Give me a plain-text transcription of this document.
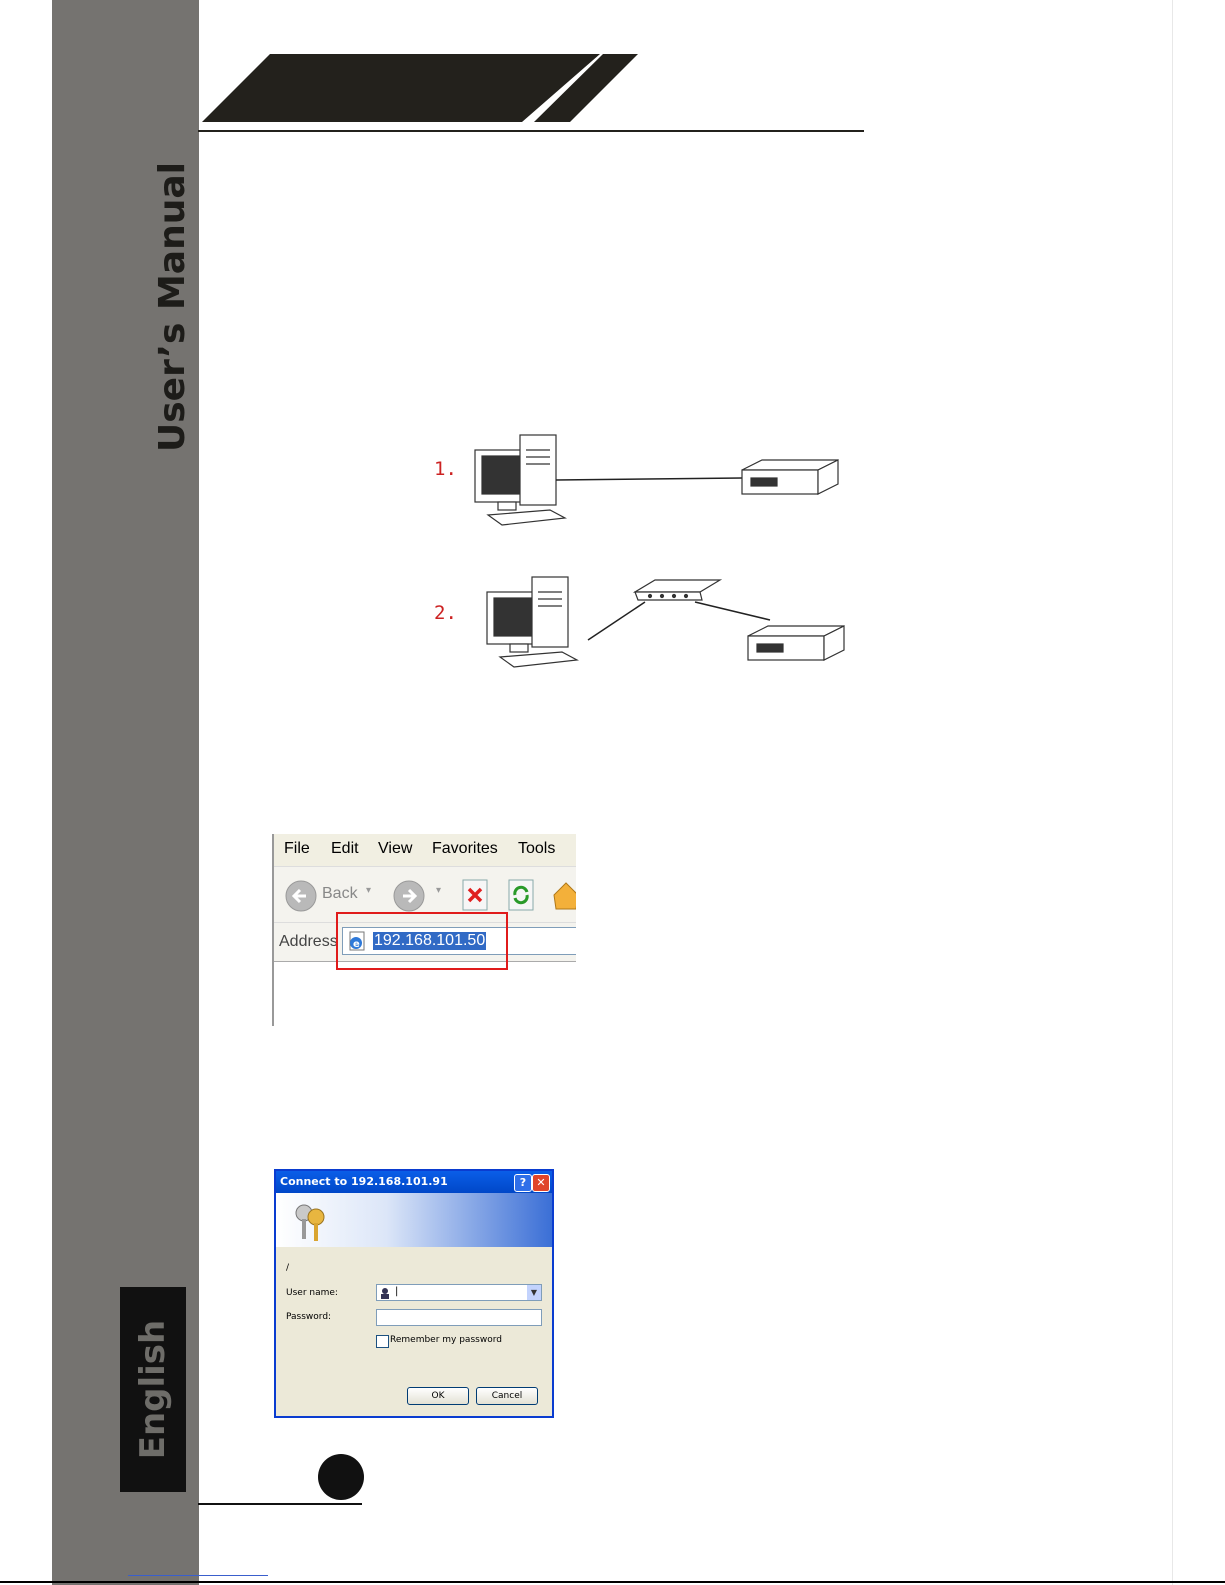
User’s Manual
English
1.
2.
File Edit View Favorites Tools
Back ▾	▾
Address e 192.168.101.50
Connect to 192.168.101.91	? ✕
/
User name:	|	▼
Password:
Remember my password
OK	Cancel
